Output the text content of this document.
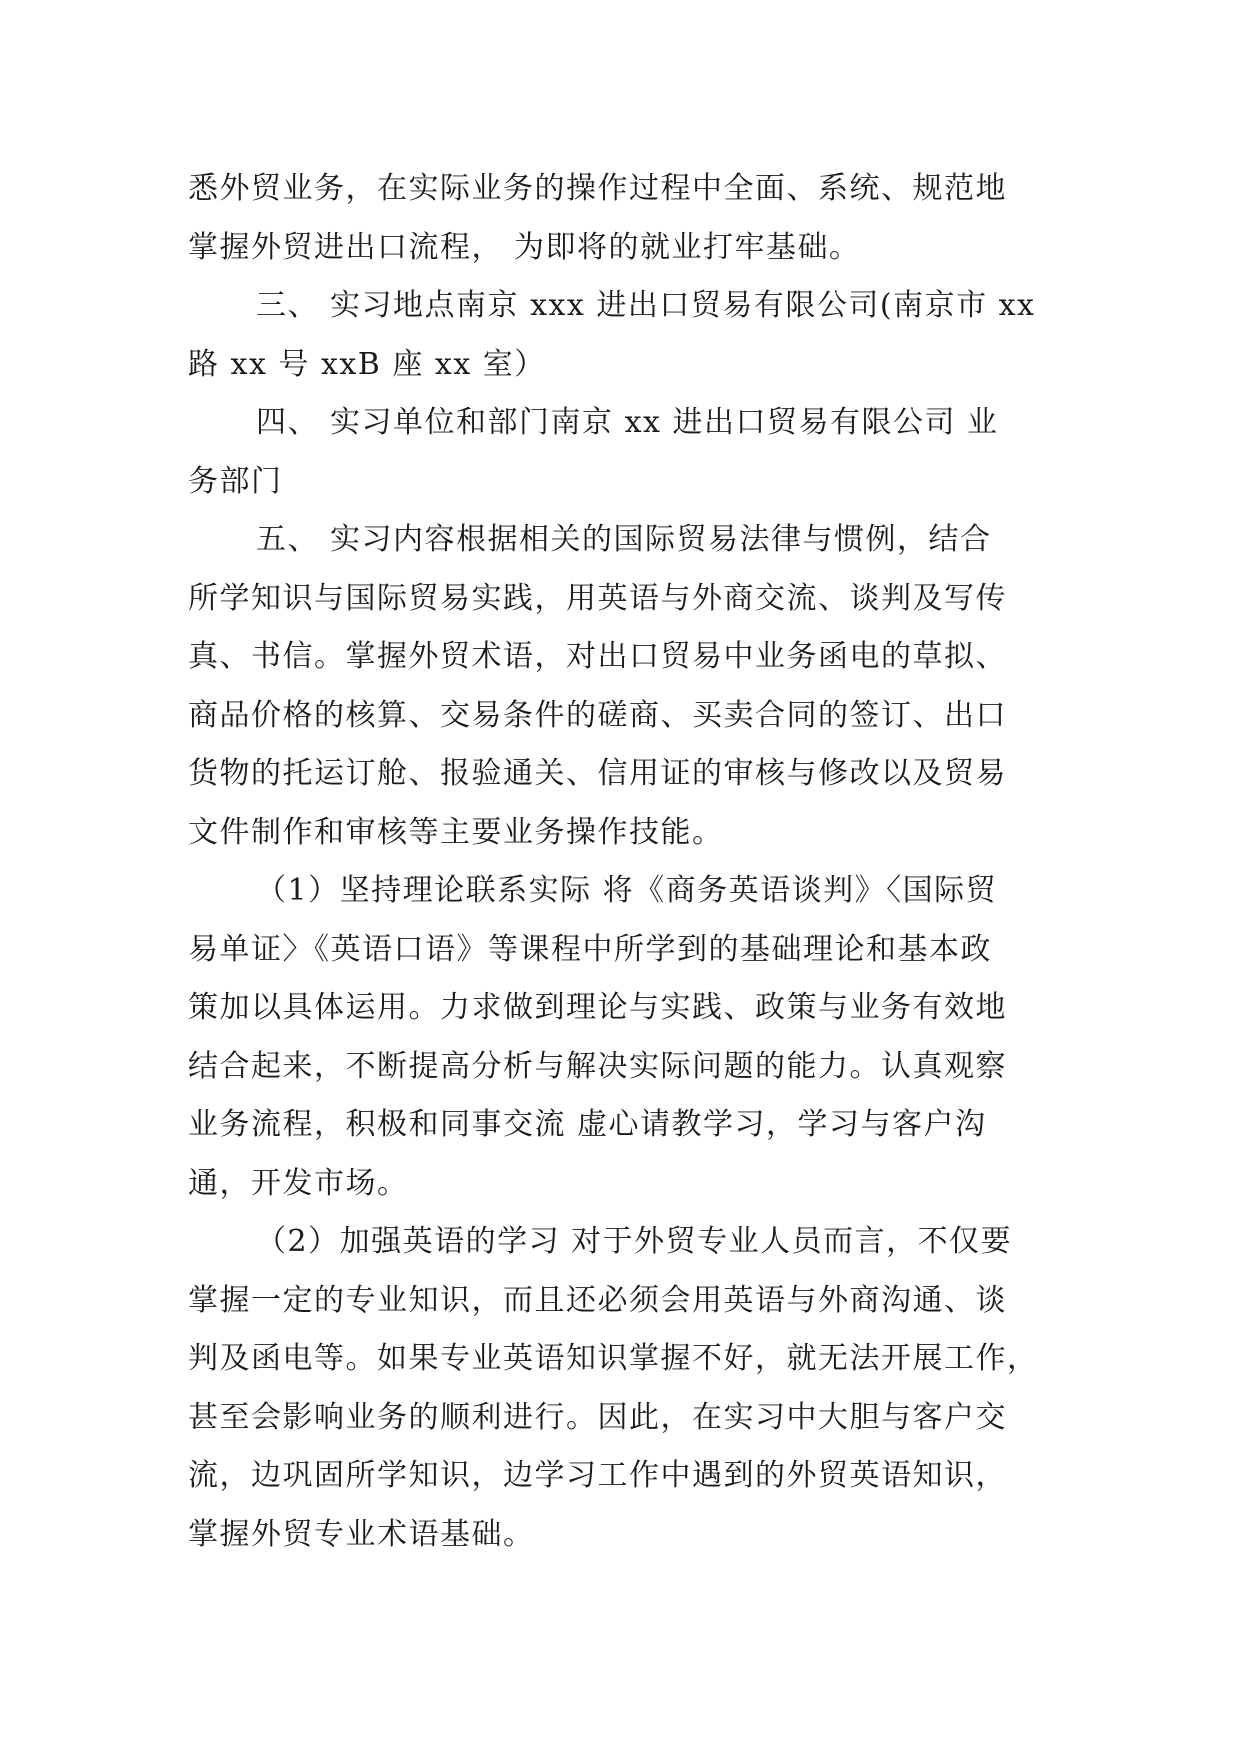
悉外贸业务，在实际业务的操作过程中全面、系统、规范地
掌握外贸进出口流程， 为即将的就业打牢基础。
三、 实习地点南京 xxx 进出口贸易有限公司(南京市 xx
路 xx 号 xxB 座 xx 室）
四、 实习单位和部门南京 xx 进出口贸易有限公司 业
务部门
五、 实习内容根据相关的国际贸易法律与惯例，结合
所学知识与国际贸易实践，用英语与外商交流、谈判及写传
真、书信。掌握外贸术语，对出口贸易中业务函电的草拟、
商品价格的核算、交易条件的磋商、买卖合同的签订、出口
货物的托运订舱、报验通关、信用证的审核与修改以及贸易
文件制作和审核等主要业务操作技能。
（1）坚持理论联系实际 将《商务英语谈判》〈国际贸
易单证〉《英语口语》等课程中所学到的基础理论和基本政
策加以具体运用。力求做到理论与实践、政策与业务有效地
结合起来，不断提高分析与解决实际问题的能力。认真观察
业务流程，积极和同事交流 虚心请教学习，学习与客户沟
通，开发市场。
（2）加强英语的学习 对于外贸专业人员而言，不仅要
掌握一定的专业知识，而且还必须会用英语与外商沟通、谈
判及函电等。如果专业英语知识掌握不好，就无法开展工作，
甚至会影响业务的顺利进行。因此，在实习中大胆与客户交
流，边巩固所学知识，边学习工作中遇到的外贸英语知识，
掌握外贸专业术语基础。
